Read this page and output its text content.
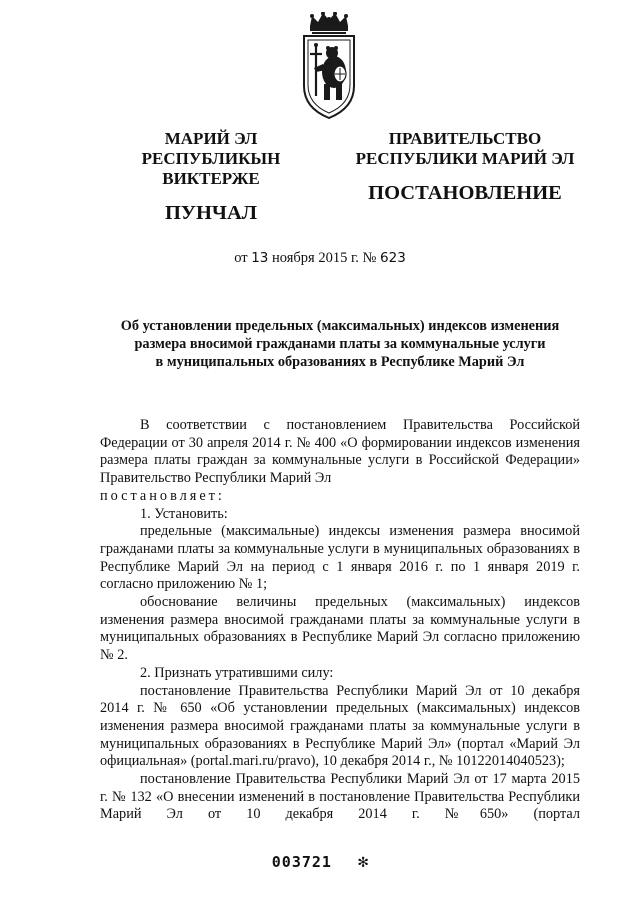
МАРИЙ ЭЛ РЕСПУБЛИКЫН
ВИКТЕРЖЕ
ПУНЧАЛ
ПРАВИТЕЛЬСТВО
РЕСПУБЛИКИ МАРИЙ ЭЛ
ПОСТАНОВЛЕНИЕ
от 13 ноября 2015 г. № 623
Об установлении предельных (максимальных) индексов изменения
размера вносимой гражданами платы за коммунальные услуги
в муниципальных образованиях в Республике Марий Эл

В соответствии с постановлением Правительства Российской Федерации от 30 апреля 2014 г. № 400 «О формировании индексов изменения размера платы граждан за коммунальные услуги в Российской Федерации» Правительство Республики Марий Эл

постановляет:

1. Установить:

предельные (максимальные) индексы изменения размера вносимой гражданами платы за коммунальные услуги в муниципальных образованиях в Республике Марий Эл на период с 1 января 2016 г. по 1 января 2019 г. согласно приложению № 1;

обоснование величины предельных (максимальных) индексов изменения размера вносимой гражданами платы за коммунальные услуги в муниципальных образованиях в Республике Марий Эл согласно приложению № 2.

2. Признать утратившими силу:

постановление Правительства Республики Марий Эл от 10 декабря 2014 г. № 650 «Об установлении предельных (максимальных) индексов изменения размера вносимой гражданами платы за коммунальные услуги в муниципальных образованиях в Республике Марий Эл» (портал «Марий Эл официальная» (portal.mari.ru/pravo), 10 декабря 2014 г., № 10122014040523);

постановление Правительства Республики Марий Эл от 17 марта 2015 г. № 132 «О внесении изменений в постановление Правительства Республики Марий Эл от 10 декабря 2014 г. №650» (портал

003721 ✻
